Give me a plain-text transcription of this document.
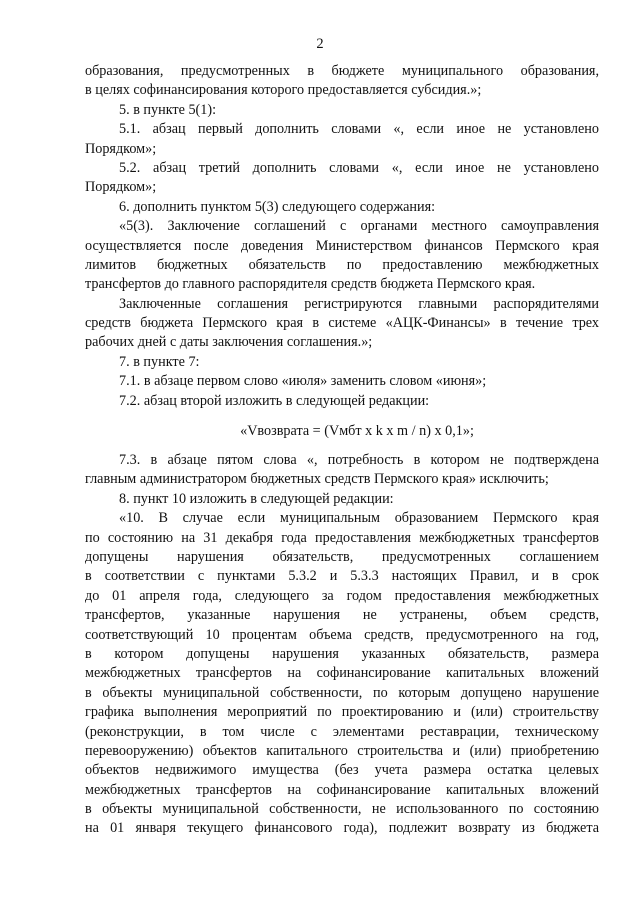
2
образования, предусмотренных в бюджете муниципального образования,
в целях софинансирования которого предоставляется субсидия.»;
5. в пункте 5(1):
5.1. абзац первый дополнить словами «, если иное не установлено
Порядком»;
5.2. абзац третий дополнить словами «, если иное не установлено
Порядком»;
6. дополнить пунктом 5(3) следующего содержания:
«5(3). Заключение соглашений с органами местного самоуправления
осуществляется после доведения Министерством финансов Пермского края
лимитов бюджетных обязательств по предоставлению межбюджетных
трансфертов до главного распорядителя средств бюджета Пермского края.
Заключенные соглашения регистрируются главными распорядителями
средств бюджета Пермского края в системе «АЦК-Финансы» в течение трех
рабочих дней с даты заключения соглашения.»;
7. в пункте 7:
7.1. в абзаце первом слово «июля» заменить словом «июня»;
7.2. абзац второй изложить в следующей редакции:
«Vвозврата = (Vмбт x k x m / n) x 0,1»;
7.3. в абзаце пятом слова «, потребность в котором не подтверждена
главным администратором бюджетных средств Пермского края» исключить;
8. пункт 10 изложить в следующей редакции:
«10. В случае если муниципальным образованием Пермского края
по состоянию на 31 декабря года предоставления межбюджетных трансфертов
допущены нарушения обязательств, предусмотренных соглашением
в соответствии с пунктами 5.3.2 и 5.3.3 настоящих Правил, и в срок
до 01 апреля года, следующего за годом предоставления межбюджетных
трансфертов, указанные нарушения не устранены, объем средств,
соответствующий 10 процентам объема средств, предусмотренного на год,
в котором допущены нарушения указанных обязательств, размера
межбюджетных трансфертов на софинансирование капитальных вложений
в объекты муниципальной собственности, по которым допущено нарушение
графика выполнения мероприятий по проектированию и (или) строительству
(реконструкции, в том числе с элементами реставрации, техническому
перевооружению) объектов капитального строительства и (или) приобретению
объектов недвижимого имущества (без учета размера остатка целевых
межбюджетных трансфертов на софинансирование капитальных вложений
в объекты муниципальной собственности, не использованного по состоянию
на 01 января текущего финансового года), подлежит возврату из бюджета
